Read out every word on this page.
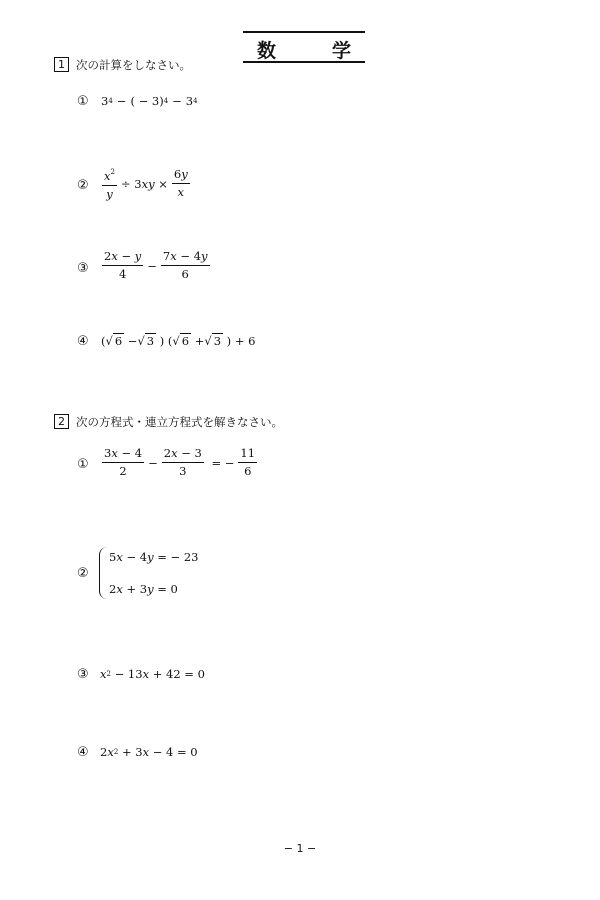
数	学
1 次の計算をしなさい。
① 3 4 − ( − 3) 4 − 3 4
② $\frac{x^2}{y} \div 3$ xy × $\frac{6y}{x}$
③ $\frac{2x - y}{4} - \frac{7x - 4y}{6}$
④ ( √ 6 − √ 3 ) ( √ 6 + √ 3 ) + 6
2 次の方程式・連立方程式を解きなさい。
① $\frac{3x - 4}{2} - \frac{2x - 3}{3}$ = − $\frac{11}{6}$
②
5 x − 4 y = − 23
2 x + 3 y = 0
③ x 2 − 13 x + 42 = 0
④ 2 x 2 + 3 x − 4 = 0
− 1 −
